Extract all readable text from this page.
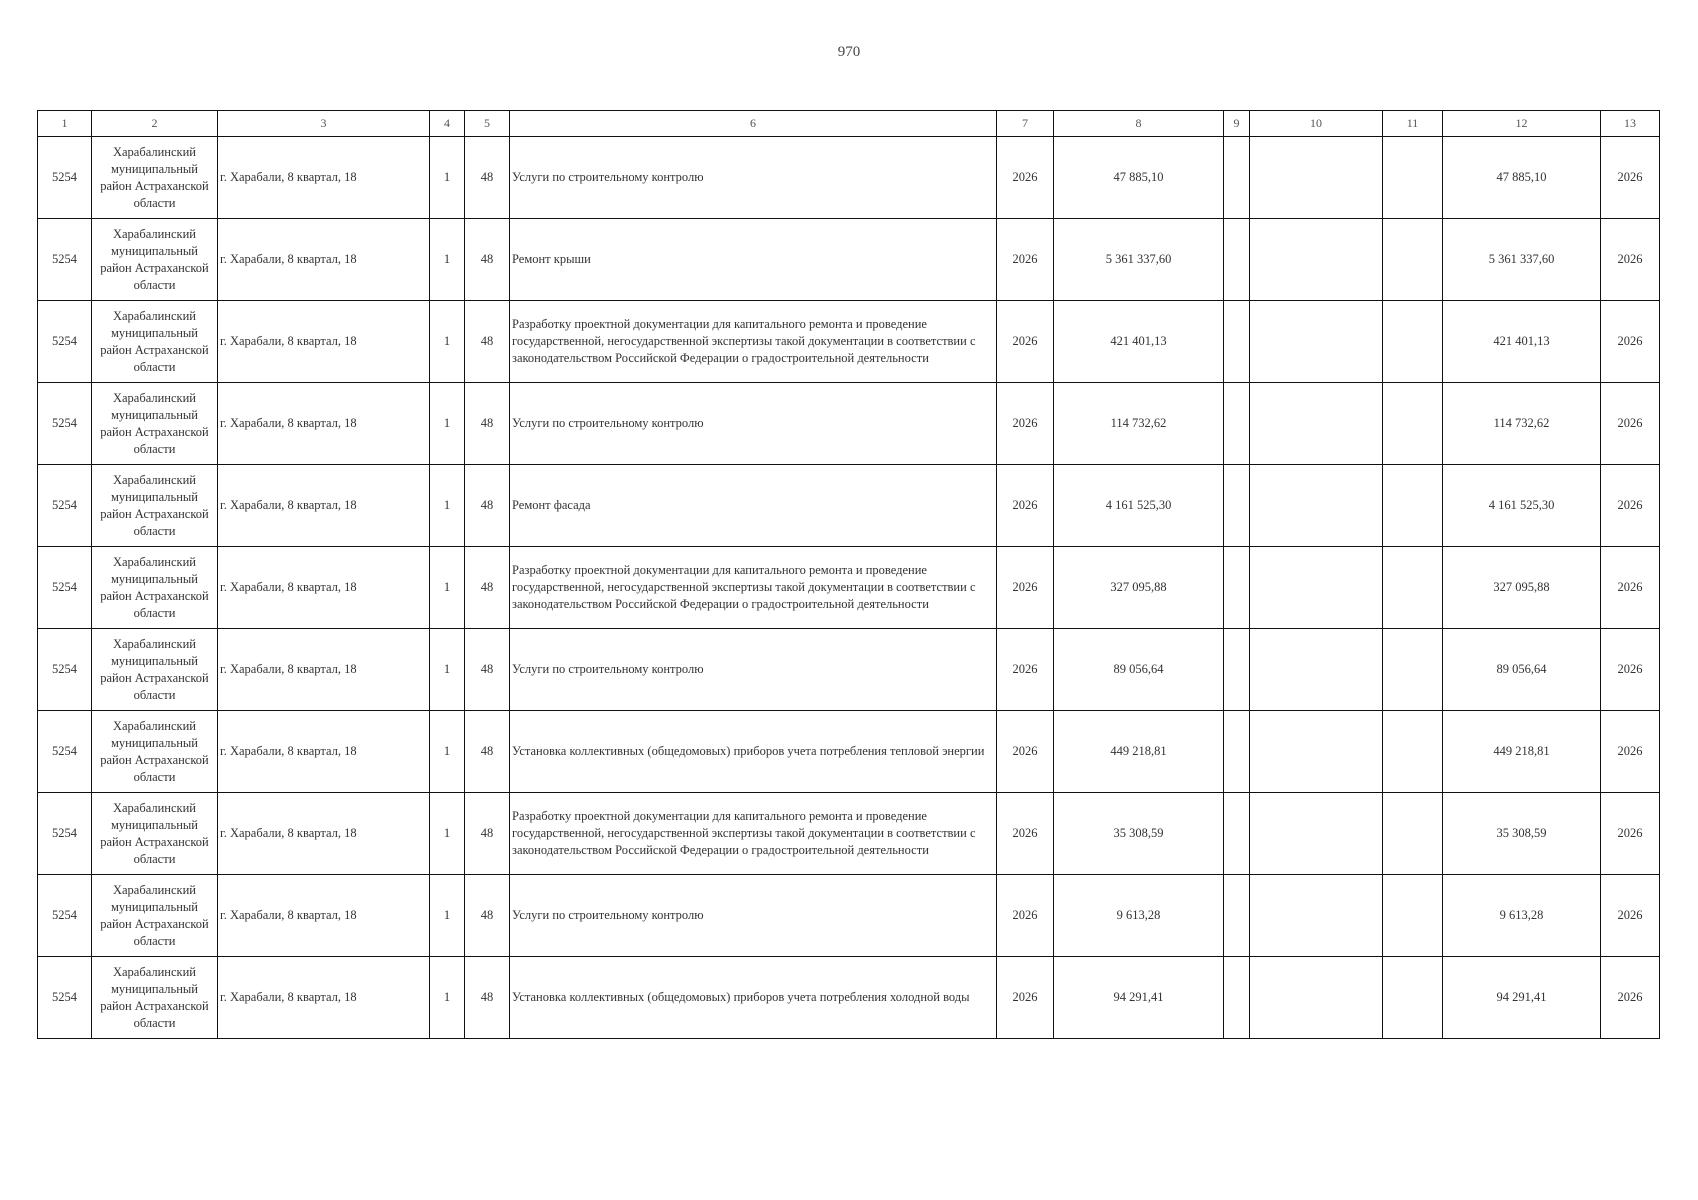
970
1	2	3	4	5	6	7	8	9	10	11	12	13
5254	Харабалинский муниципальный район Астраханской области	г. Харабали, 8 квартал, 18	1	48	Услуги по строительному контролю	2026	47 885,10				47 885,10	2026
5254	Харабалинский муниципальный район Астраханской области	г. Харабали, 8 квартал, 18	1	48	Ремонт крыши	2026	5 361 337,60				5 361 337,60	2026
5254	Харабалинский муниципальный район Астраханской области	г. Харабали, 8 квартал, 18	1	48	Разработку проектной документации для капитального ремонта и проведение государственной, негосударственной экспертизы такой документации в соответствии с законодательством Российской Федерации о градостроительной деятельности	2026	421 401,13				421 401,13	2026
5254	Харабалинский муниципальный район Астраханской области	г. Харабали, 8 квартал, 18	1	48	Услуги по строительному контролю	2026	114 732,62				114 732,62	2026
5254	Харабалинский муниципальный район Астраханской области	г. Харабали, 8 квартал, 18	1	48	Ремонт фасада	2026	4 161 525,30				4 161 525,30	2026
5254	Харабалинский муниципальный район Астраханской области	г. Харабали, 8 квартал, 18	1	48	Разработку проектной документации для капитального ремонта и проведение государственной, негосударственной экспертизы такой документации в соответствии с законодательством Российской Федерации о градостроительной деятельности	2026	327 095,88				327 095,88	2026
5254	Харабалинский муниципальный район Астраханской области	г. Харабали, 8 квартал, 18	1	48	Услуги по строительному контролю	2026	89 056,64				89 056,64	2026
5254	Харабалинский муниципальный район Астраханской области	г. Харабали, 8 квартал, 18	1	48	Установка коллективных (общедомовых) приборов учета потребления тепловой энергии	2026	449 218,81				449 218,81	2026
5254	Харабалинский муниципальный район Астраханской области	г. Харабали, 8 квартал, 18	1	48	Разработку проектной документации для капитального ремонта и проведение государственной, негосударственной экспертизы такой документации в соответствии с законодательством Российской Федерации о градостроительной деятельности	2026	35 308,59				35 308,59	2026
5254	Харабалинский муниципальный район Астраханской области	г. Харабали, 8 квартал, 18	1	48	Услуги по строительному контролю	2026	9 613,28				9 613,28	2026
5254	Харабалинский муниципальный район Астраханской области	г. Харабали, 8 квартал, 18	1	48	Установка коллективных (общедомовых) приборов учета потребления холодной воды	2026	94 291,41				94 291,41	2026
